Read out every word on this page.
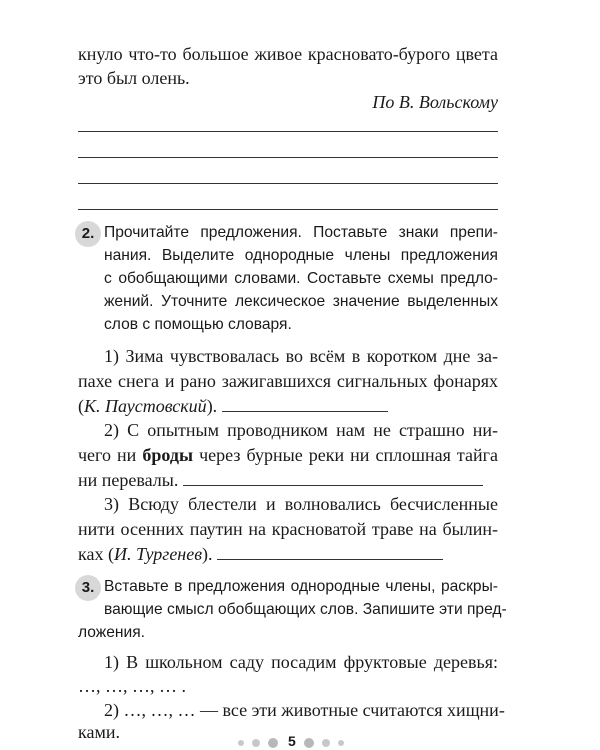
кнуло что-то большое живое красновато-бурого цвета
это был олень.
По В. Вольскому
2. Прочитайте предложения. Поставьте знаки препи-
нания. Выделите однородные члены предложения
с обобщающими словами. Составьте схемы предло-
жений. Уточните лексическое значение выделенных
слов с помощью словаря.
1) Зима чувствовалась во всём в коротком дне за-
пахе снега и рано зажигавшихся сигнальных фонарях
(К. Паустовский).
2) С опытным проводником нам не страшно ни-
чего ни броды через бурные реки ни сплошная тайга
ни перевалы.
3) Всюду блестели и волновались бесчисленные
нити осенних паутин на красноватой траве на былин-
ках (И. Тургенев).
3. Вставьте в предложения однородные члены, раскры-
вающие смысл обобщающих слов. Запишите эти пред-
ложения.
1) В школьном саду посадим фруктовые деревья:
…, …, …, … .
2) …, …, … — все эти животные считаются хищни-
ками.	5
